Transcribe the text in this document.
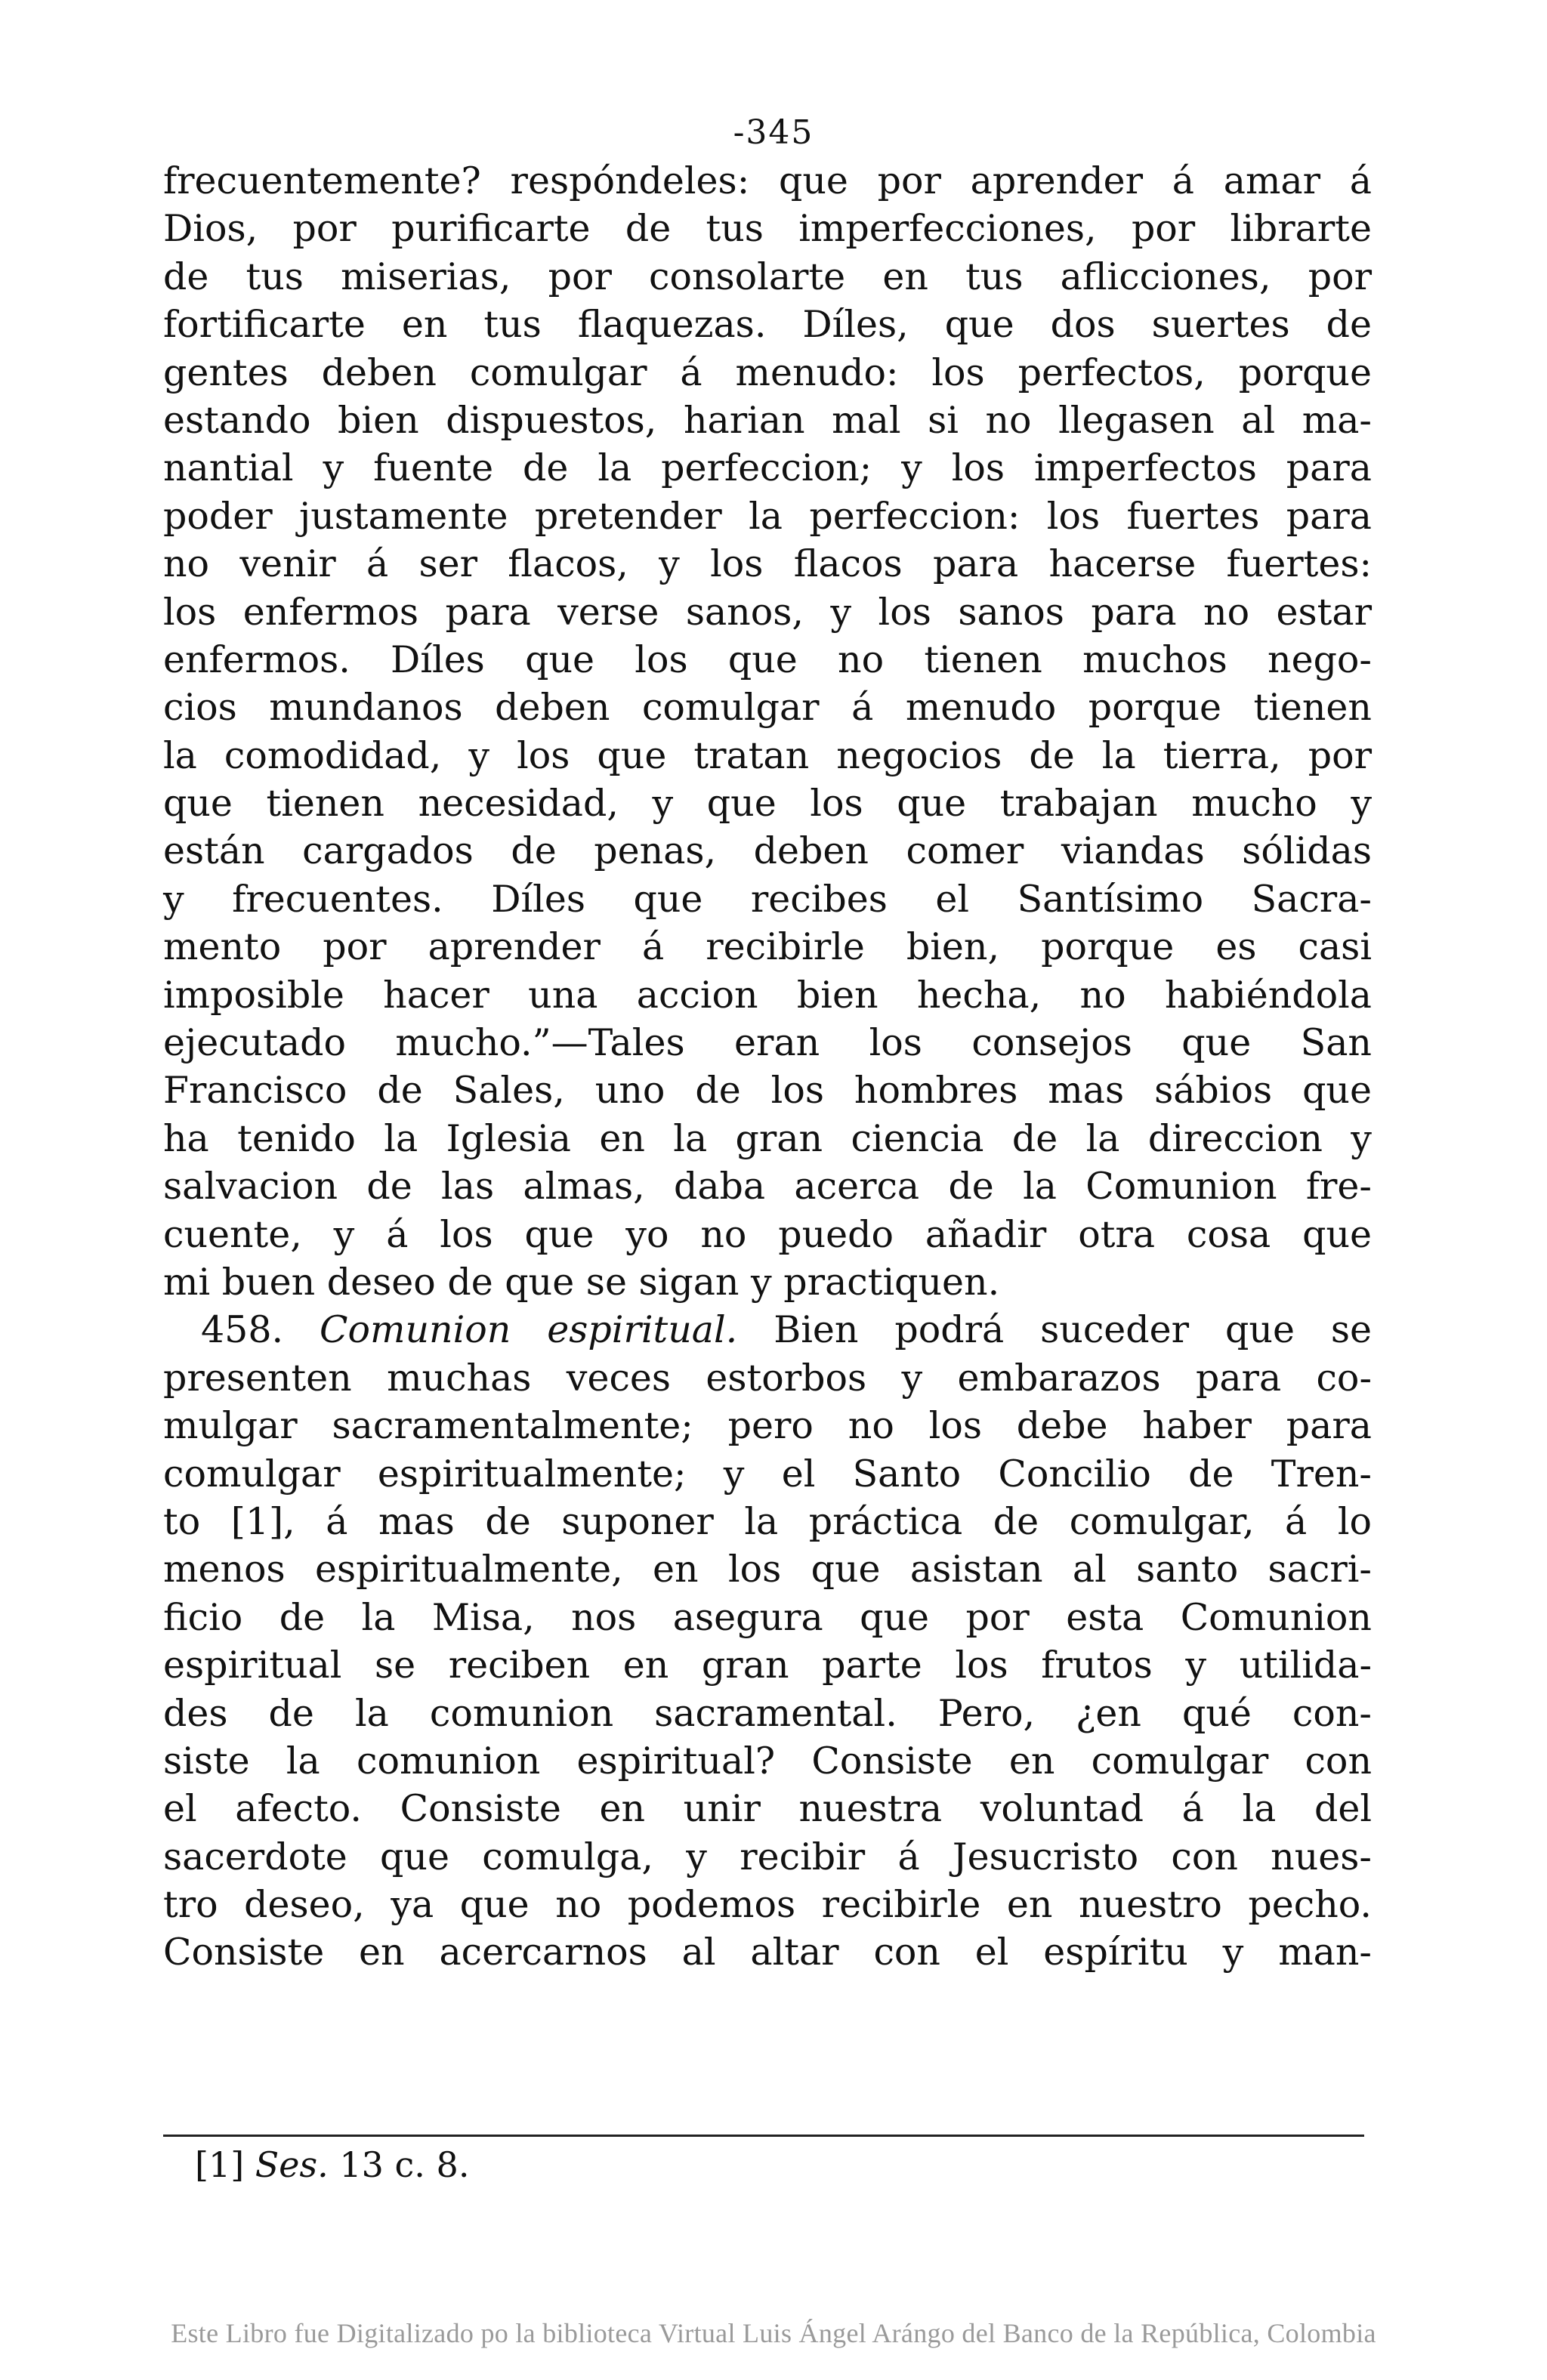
-345
frecuentemente? respóndeles: que por aprender á amar á
Dios, por purificarte de tus imperfecciones, por librarte
de tus miserias, por consolarte en tus aflicciones, por
fortificarte en tus flaquezas. Díles, que dos suertes de
gentes deben comulgar á menudo: los perfectos, porque
estando bien dispuestos, harian mal si no llegasen al ma-
nantial y fuente de la perfeccion; y los imperfectos para
poder justamente pretender la perfeccion: los fuertes para
no venir á ser flacos, y los flacos para hacerse fuertes:
los enfermos para verse sanos, y los sanos para no estar
enfermos. Díles que los que no tienen muchos nego-
cios mundanos deben comulgar á menudo porque tienen
la comodidad, y los que tratan negocios de la tierra, por
que tienen necesidad, y que los que trabajan mucho y
están cargados de penas, deben comer viandas sólidas
y frecuentes. Díles que recibes el Santísimo Sacra-
mento por aprender á recibirle bien, porque es casi
imposible hacer una accion bien hecha, no habiéndola
ejecutado mucho.”—Tales eran los consejos que San
Francisco de Sales, uno de los hombres mas sábios que
ha tenido la Iglesia en la gran ciencia de la direccion y
salvacion de las almas, daba acerca de la Comunion fre-
cuente, y á los que yo no puedo añadir otra cosa que
mi buen deseo de que se sigan y practiquen.
458. Comunion espiritual. Bien podrá suceder que se
presenten muchas veces estorbos y embarazos para co-
mulgar sacramentalmente; pero no los debe haber para
comulgar espiritualmente; y el Santo Concilio de Tren-
to [1], á mas de suponer la práctica de comulgar, á lo
menos espiritualmente, en los que asistan al santo sacri-
ficio de la Misa, nos asegura que por esta Comunion
espiritual se reciben en gran parte los frutos y utilida-
des de la comunion sacramental. Pero, ¿en qué con-
siste la comunion espiritual? Consiste en comulgar con
el afecto. Consiste en unir nuestra voluntad á la del
sacerdote que comulga, y recibir á Jesucristo con nues-
tro deseo, ya que no podemos recibirle en nuestro pecho.
Consiste en acercarnos al altar con el espíritu y man-
[1] Ses. 13 c. 8.
Este Libro fue Digitalizado po la biblioteca Virtual Luis Ángel Arángo del Banco de la República, Colombia
